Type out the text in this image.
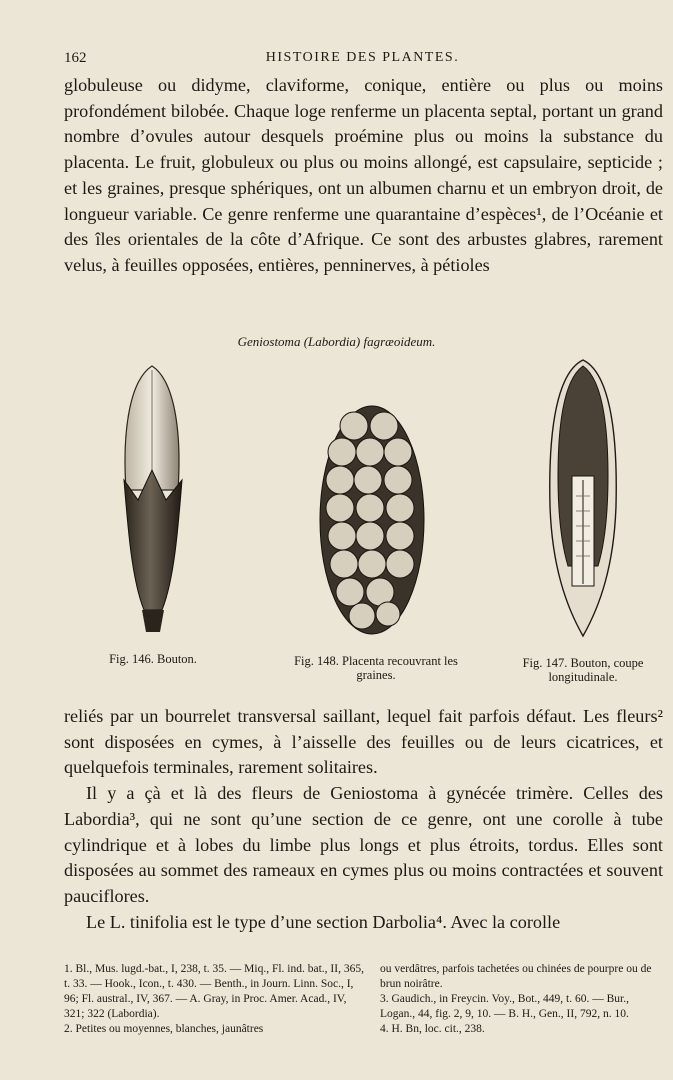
162	HISTOIRE DES PLANTES.

globuleuse ou didyme, claviforme, conique, entière ou plus ou moins profondément bilobée. Chaque loge renferme un placenta septal, portant un grand nombre d’ovules autour desquels proémine plus ou moins la substance du placenta. Le fruit, globuleux ou plus ou moins allongé, est capsulaire, septicide ; et les graines, presque sphériques, ont un albumen charnu et un embryon droit, de longueur variable. Ce genre renferme une quarantaine d’espèces¹, de l’Océanie et des îles orientales de la côte d’Afrique. Ce sont des arbustes glabres, rarement velus, à feuilles opposées, entières, penninerves, à pétioles

Geniostoma (Labordia) fagræoideum.
Fig. 146. Bouton.	Fig. 148. Placenta recouvrant les graines.
Fig. 147. Bouton, coupe longitudinale.

reliés par un bourrelet transversal saillant, lequel fait parfois défaut. Les fleurs² sont disposées en cymes, à l’aisselle des feuilles ou de leurs cicatrices, et quelquefois terminales, rarement solitaires.

Il y a çà et là des fleurs de Geniostoma à gynécée trimère. Celles des Labordia³, qui ne sont qu’une section de ce genre, ont une corolle à tube cylindrique et à lobes du limbe plus longs et plus étroits, tordus. Elles sont disposées au sommet des rameaux en cymes plus ou moins contractées et souvent pauciflores.

Le L. tinifolia est le type d’une section Darbolia⁴. Avec la corolle

1. Bl., Mus. lugd.-bat., I, 238, t. 35. — Miq., Fl. ind. bat., II, 365, t. 33. — Hook., Icon., t. 430. — Benth., in Journ. Linn. Soc., I, 96; Fl. austral., IV, 367. — A. Gray, in Proc. Amer. Acad., IV, 321; 322 (Labordia).

2. Petites ou moyennes, blanches, jaunâtres

ou verdâtres, parfois tachetées ou chinées de pourpre ou de brun noirâtre.

3. Gaudich., in Freycin. Voy., Bot., 449, t. 60. — Bur., Logan., 44, fig. 2, 9, 10. — B. H., Gen., II, 792, n. 10.

4. H. Bn, loc. cit., 238.
